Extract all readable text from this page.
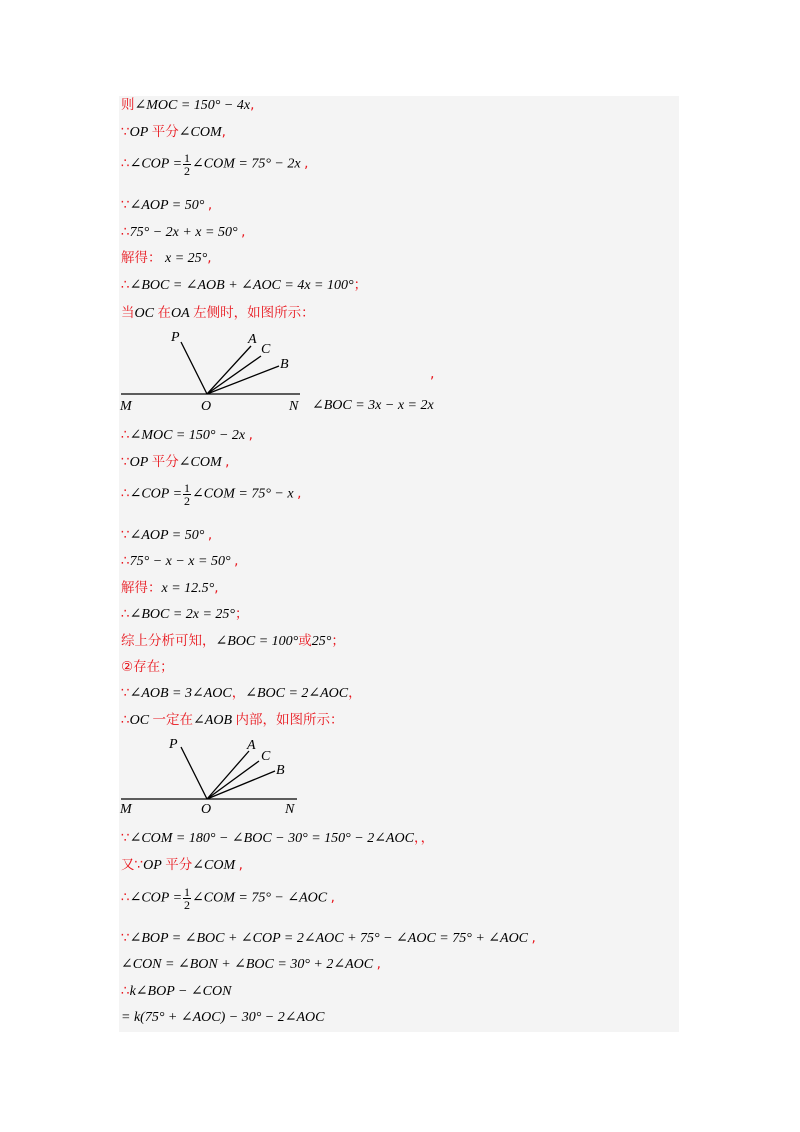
则∠MOC = 150° − 4x,
∵OP 平分∠COM,
∴∠COP = $\frac{1}{2}$ ∠COM = 75° − 2x ,
∵∠AOP = 50° ,
∴75° − 2x + x = 50° ,
解得： x = 25°,
∴∠BOC = ∠AOB + ∠AOC = 4x = 100°；
当OC 在OA 左侧时，如图所示：
P	A
C
B
M	O	N ∠BOC = 3x − x = 2x
,
∴∠MOC = 150° − 2x ,
∵OP 平分∠COM ,
∴∠COP = $\frac{1}{2}$ ∠COM = 75° − x ,
∵∠AOP = 50° ,
∴75° − x − x = 50° ,
解得：x = 12.5°,
∴∠BOC = 2x = 25°；
综上分析可知，∠BOC = 100°或25°；
②存在；
∵∠AOB = 3∠AOC，∠BOC = 2∠AOC，
∴OC 一定在∠AOB 内部，如图所示：
P	A
C
B
M	O	N
∵∠COM = 180° − ∠BOC − 30° = 150° − 2∠AOC，，
又∵OP 平分∠COM ,
∴∠COP = $\frac{1}{2}$ ∠COM = 75° − ∠AOC ,
∵∠BOP = ∠BOC + ∠COP = 2∠AOC + 75° − ∠AOC = 75° + ∠AOC ,
∠CON = ∠BON + ∠BOC = 30° + 2∠AOC ,
∴k∠BOP − ∠CON
= k(75° + ∠AOC) − 30° − 2∠AOC
